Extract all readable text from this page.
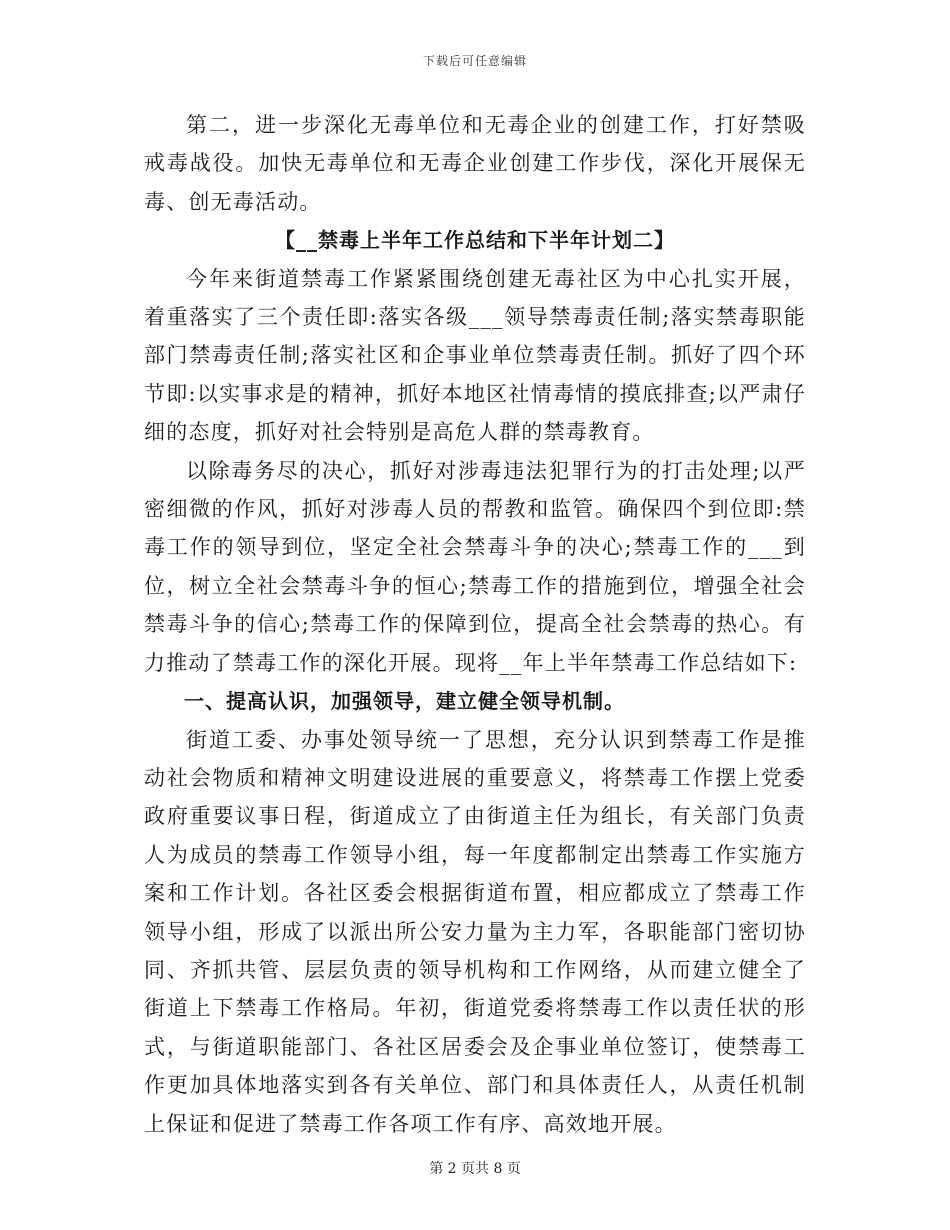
下载后可任意编辑

第二，进一步深化无毒单位和无毒企业的创建工作，打好禁吸戒毒战役。加快无毒单位和无毒企业创建工作步伐，深化开展保无毒、创无毒活动。

【__禁毒上半年工作总结和下半年计划二】

今年来街道禁毒工作紧紧围绕创建无毒社区为中心扎实开展，着重落实了三个责任即:落实各级___领导禁毒责任制;落实禁毒职能部门禁毒责任制;落实社区和企事业单位禁毒责任制。抓好了四个环节即:以实事求是的精神，抓好本地区社情毒情的摸底排查;以严肃仔细的态度，抓好对社会特别是高危人群的禁毒教育。

以除毒务尽的决心，抓好对涉毒违法犯罪行为的打击处理;以严密细微的作风，抓好对涉毒人员的帮教和监管。确保四个到位即:禁毒工作的领导到位，坚定全社会禁毒斗争的决心;禁毒工作的___到位，树立全社会禁毒斗争的恒心;禁毒工作的措施到位，增强全社会禁毒斗争的信心;禁毒工作的保障到位，提高全社会禁毒的热心。有力推动了禁毒工作的深化开展。现将__年上半年禁毒工作总结如下:

一、提高认识，加强领导，建立健全领导机制。

街道工委、办事处领导统一了思想，充分认识到禁毒工作是推动社会物质和精神文明建设进展的重要意义，将禁毒工作摆上党委政府重要议事日程，街道成立了由街道主任为组长，有关部门负责人为成员的禁毒工作领导小组，每一年度都制定出禁毒工作实施方案和工作计划。各社区委会根据街道布置，相应都成立了禁毒工作领导小组，形成了以派出所公安力量为主力军，各职能部门密切协同、齐抓共管、层层负责的领导机构和工作网络，从而建立健全了街道上下禁毒工作格局。年初，街道党委将禁毒工作以责任状的形式，与街道职能部门、各社区居委会及企事业单位签订，使禁毒工作更加具体地落实到各有关单位、部门和具体责任人，从责任机制上保证和促进了禁毒工作各项工作有序、高效地开展。

第 2 页共 8 页
